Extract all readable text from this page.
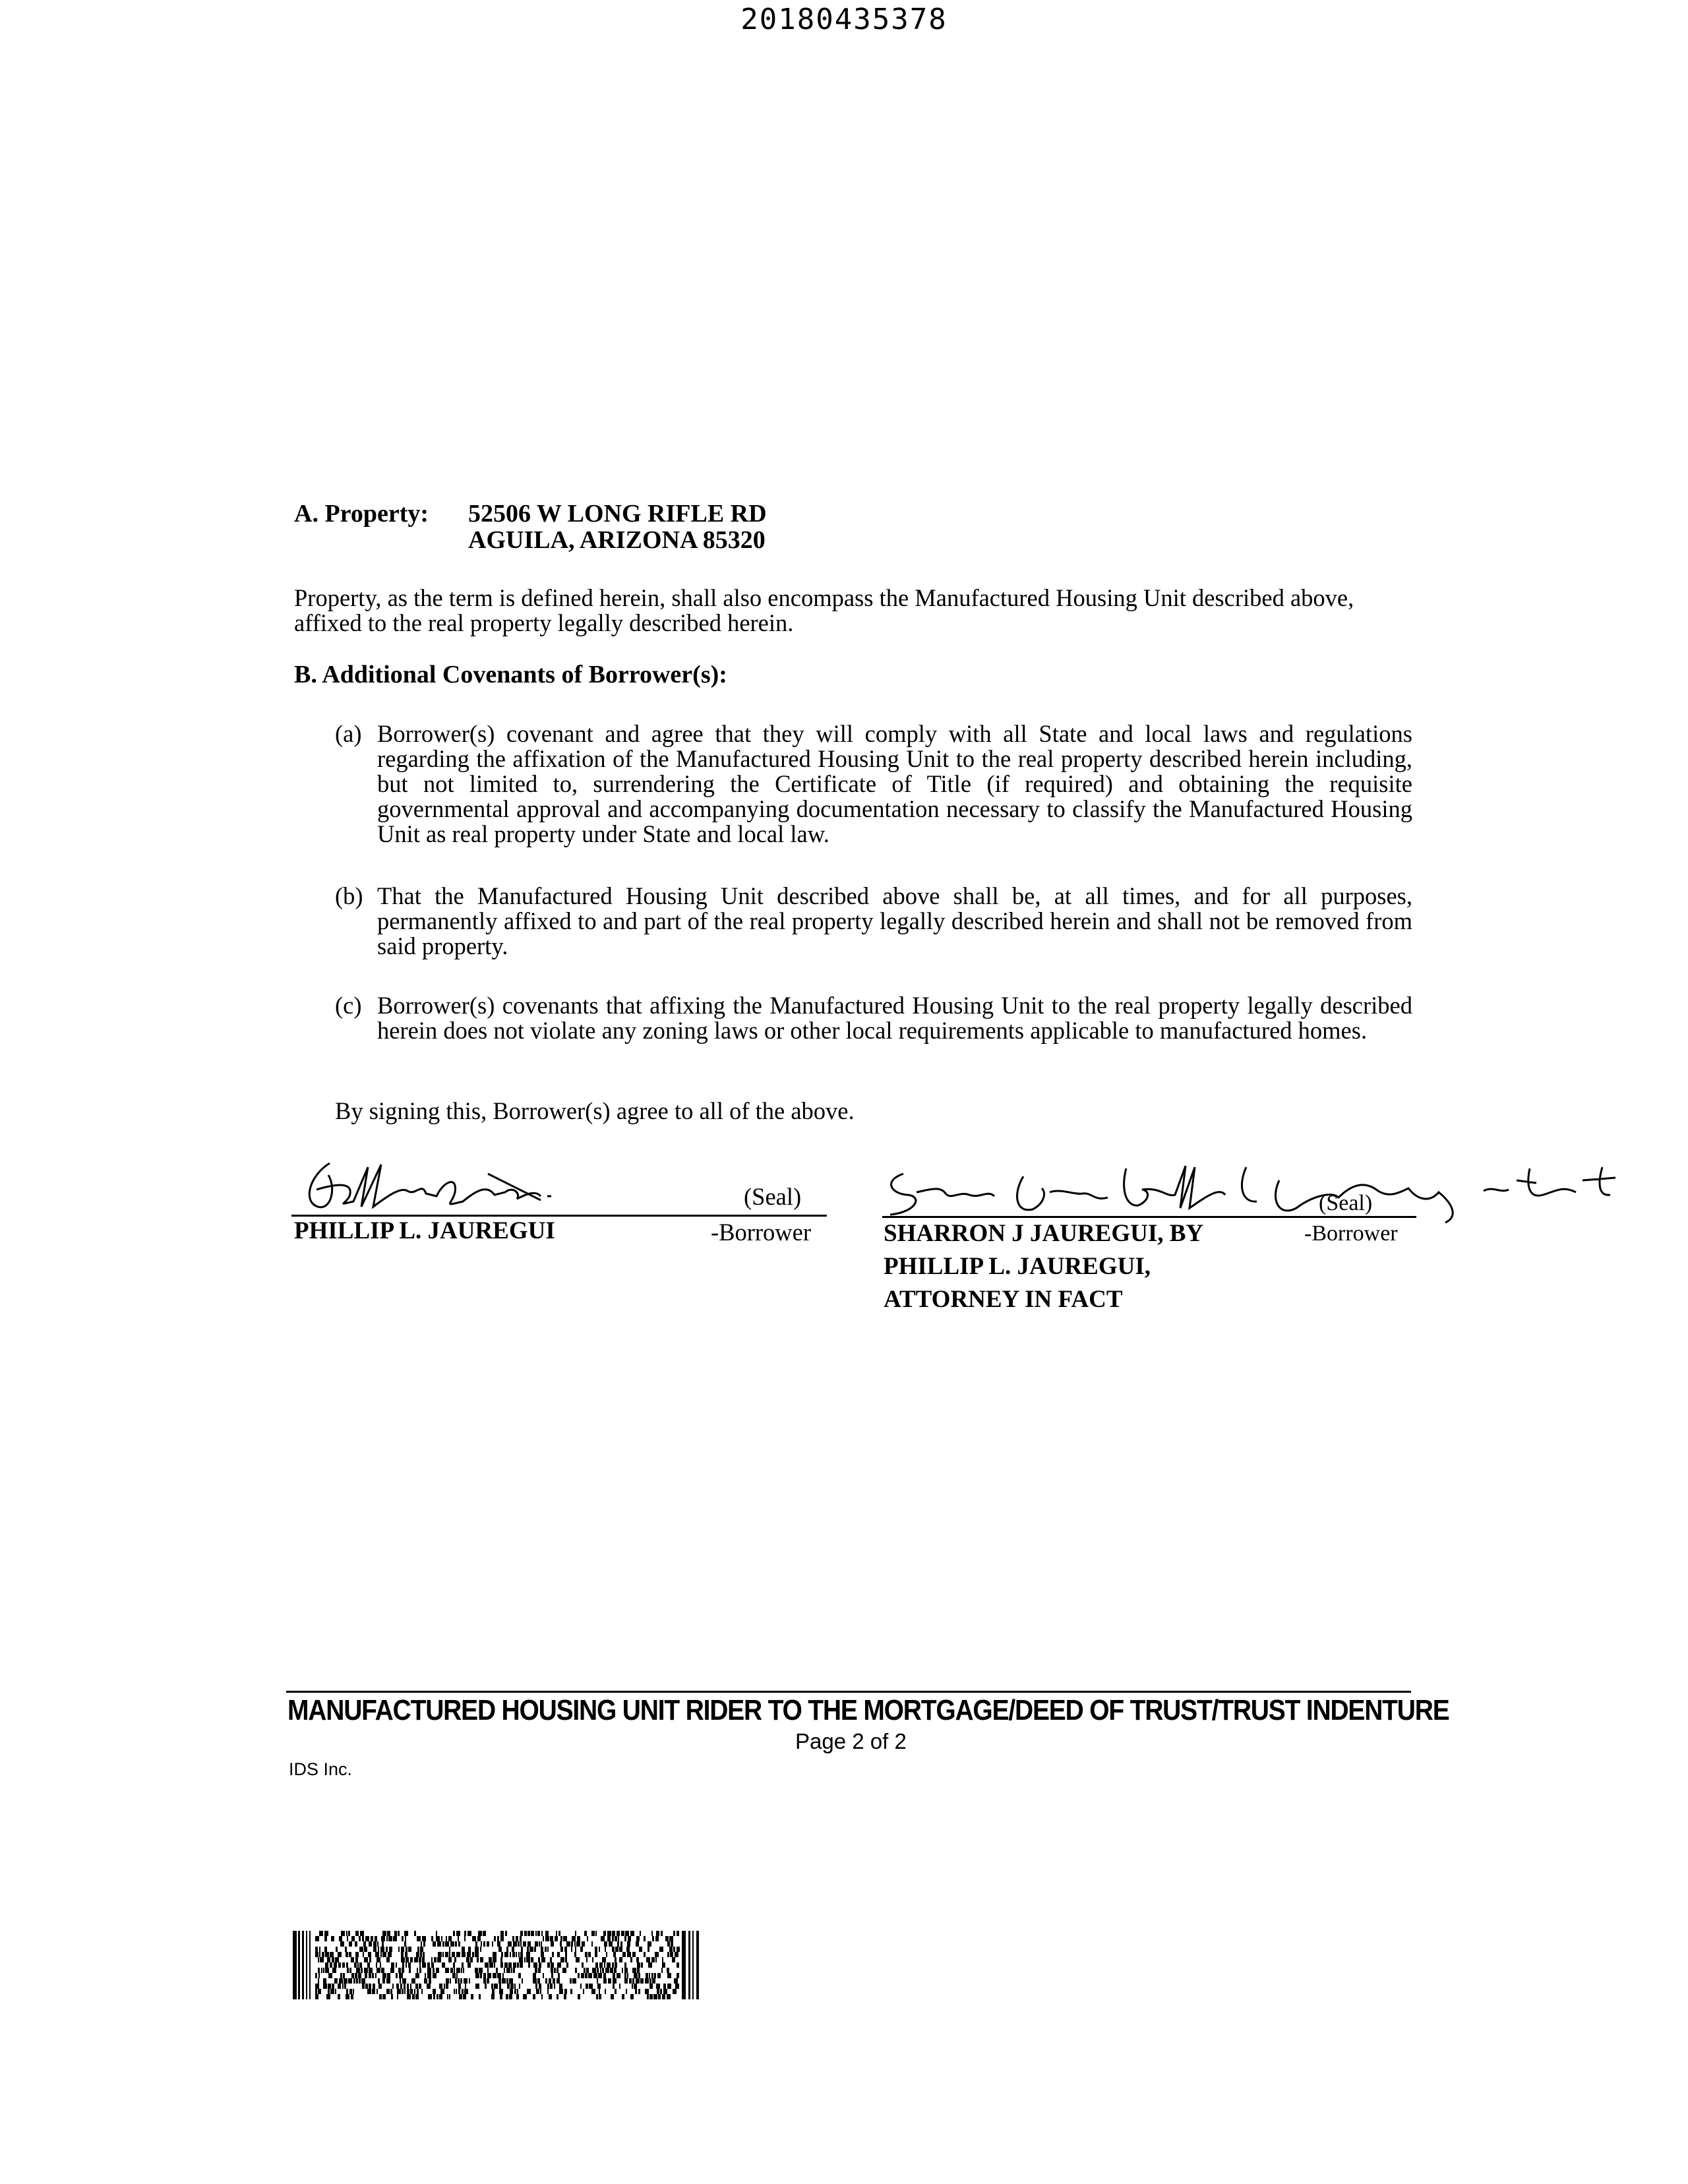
20180435378
A. Property: 52506 W LONG RIFLE RD
AGUILA, ARIZONA 85320
Property, as the term is defined herein, shall also encompass the Manufactured Housing Unit described above, affixed to the real property legally described herein.
B. Additional Covenants of Borrower(s):
(a) Borrower(s) covenant and agree that they will comply with all State and local laws and regulations regarding the affixation of the Manufactured Housing Unit to the real property described herein including, but not limited to, surrendering the Certificate of Title (if required) and obtaining the requisite governmental approval and accompanying documentation necessary to classify the Manufactured Housing Unit as real property under State and local law.
(b) That the Manufactured Housing Unit described above shall be, at all times, and for all purposes, permanently affixed to and part of the real property legally described herein and shall not be removed from said property.
(c) Borrower(s) covenants that affixing the Manufactured Housing Unit to the real property legally described herein does not violate any zoning laws or other local requirements applicable to manufactured homes.
By signing this, Borrower(s) agree to all of the above.
(Seal)
PHILLIP L. JAUREGUI	-Borrower
(Seal)
SHARRON J JAUREGUI, BY	-Borrower
PHILLIP L. JAUREGUI,
ATTORNEY IN FACT
MANUFACTURED HOUSING UNIT RIDER TO THE MORTGAGE/DEED OF TRUST/TRUST INDENTURE
Page 2 of 2
IDS Inc.
